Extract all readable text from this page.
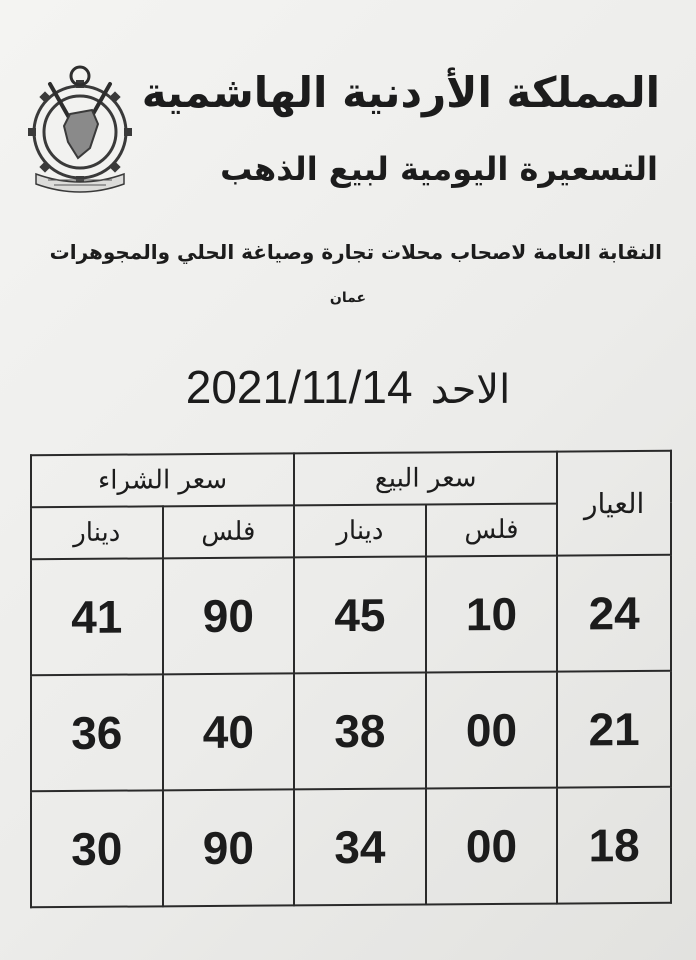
المملكة الأردنية الهاشمية
التسعيرة اليومية لبيع الذهب
النقابة العامة لاصحاب محلات تجارة وصياغة الحلي والمجوهرات
عمان
الاحد2021/11/14
العيار	سعر البيع		سعر الشراء	
	فلس	دينار	فلس	دينار
24	10	45	90	41
21	00	38	40	36
18	00	34	90	30
